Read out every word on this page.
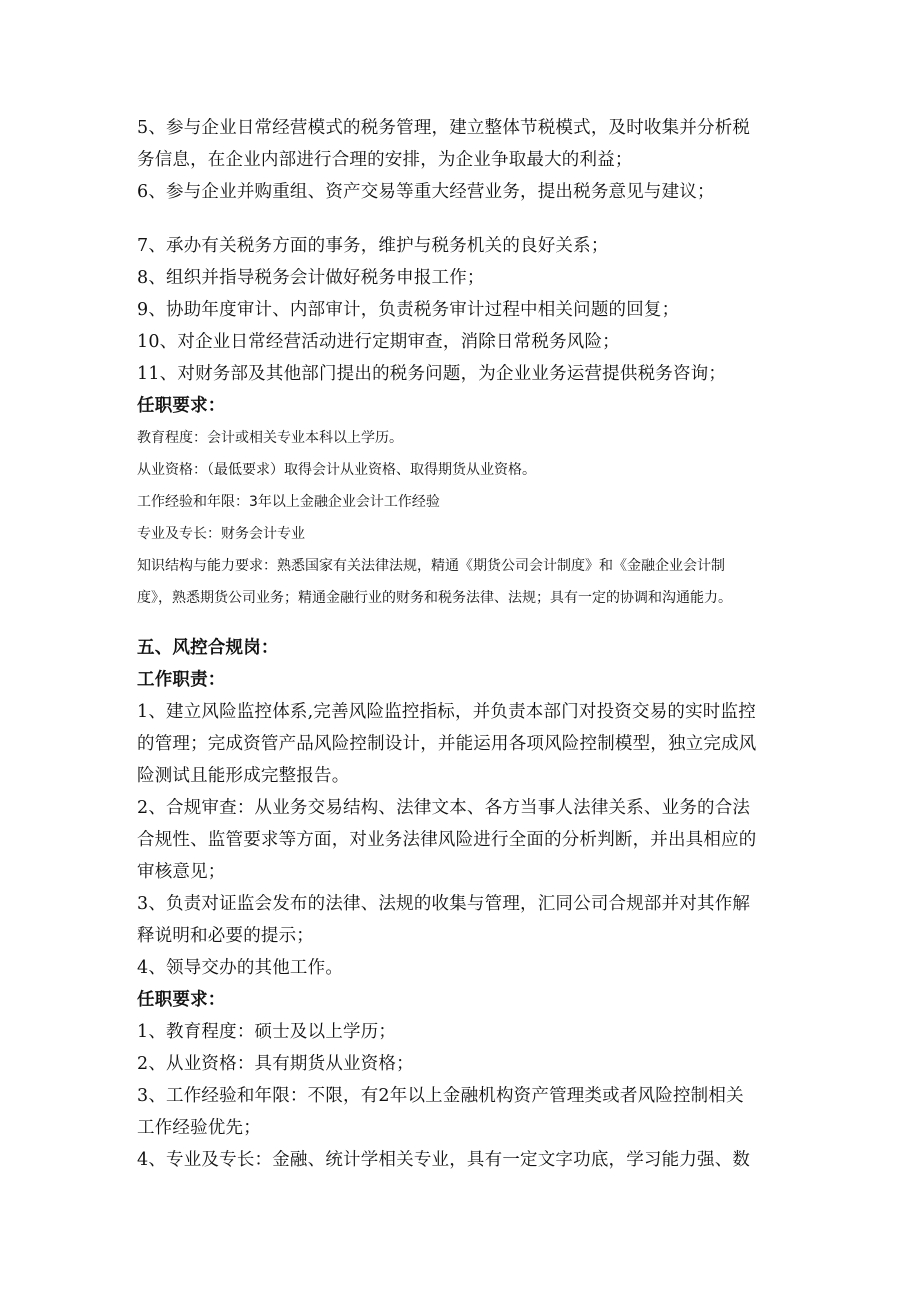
5、参与企业日常经营模式的税务管理，建立整体节税模式，及时收集并分析税

务信息，在企业内部进行合理的安排，为企业争取最大的利益；

6、参与企业并购重组、资产交易等重大经营业务，提出税务意见与建议；

7、承办有关税务方面的事务，维护与税务机关的良好关系；

8、组织并指导税务会计做好税务申报工作；

9、协助年度审计、内部审计，负责税务审计过程中相关问题的回复；

10、对企业日常经营活动进行定期审查，消除日常税务风险；

11、对财务部及其他部门提出的税务问题，为企业业务运营提供税务咨询；

任职要求：

教育程度：会计或相关专业本科以上学历。

从业资格：（最低要求）取得会计从业资格、取得期货从业资格。

工作经验和年限：3年以上金融企业会计工作经验

专业及专长：财务会计专业

知识结构与能力要求：熟悉国家有关法律法规，精通《期货公司会计制度》和《金融企业会计制

度》，熟悉期货公司业务；精通金融行业的财务和税务法律、法规；具有一定的协调和沟通能力。

五、风控合规岗：

工作职责：

1、建立风险监控体系,完善风险监控指标，并负责本部门对投资交易的实时监控

的管理；完成资管产品风险控制设计，并能运用各项风险控制模型，独立完成风

险测试且能形成完整报告。

2、合规审查：从业务交易结构、法律文本、各方当事人法律关系、业务的合法

合规性、监管要求等方面，对业务法律风险进行全面的分析判断，并出具相应的

审核意见；

3、负责对证监会发布的法律、法规的收集与管理，汇同公司合规部并对其作解

释说明和必要的提示；

4、领导交办的其他工作。

任职要求：

1、教育程度：硕士及以上学历；

2、从业资格：具有期货从业资格；

3、工作经验和年限：不限，有2年以上金融机构资产管理类或者风险控制相关

工作经验优先；

4、专业及专长：金融、统计学相关专业，具有一定文字功底，学习能力强、数
